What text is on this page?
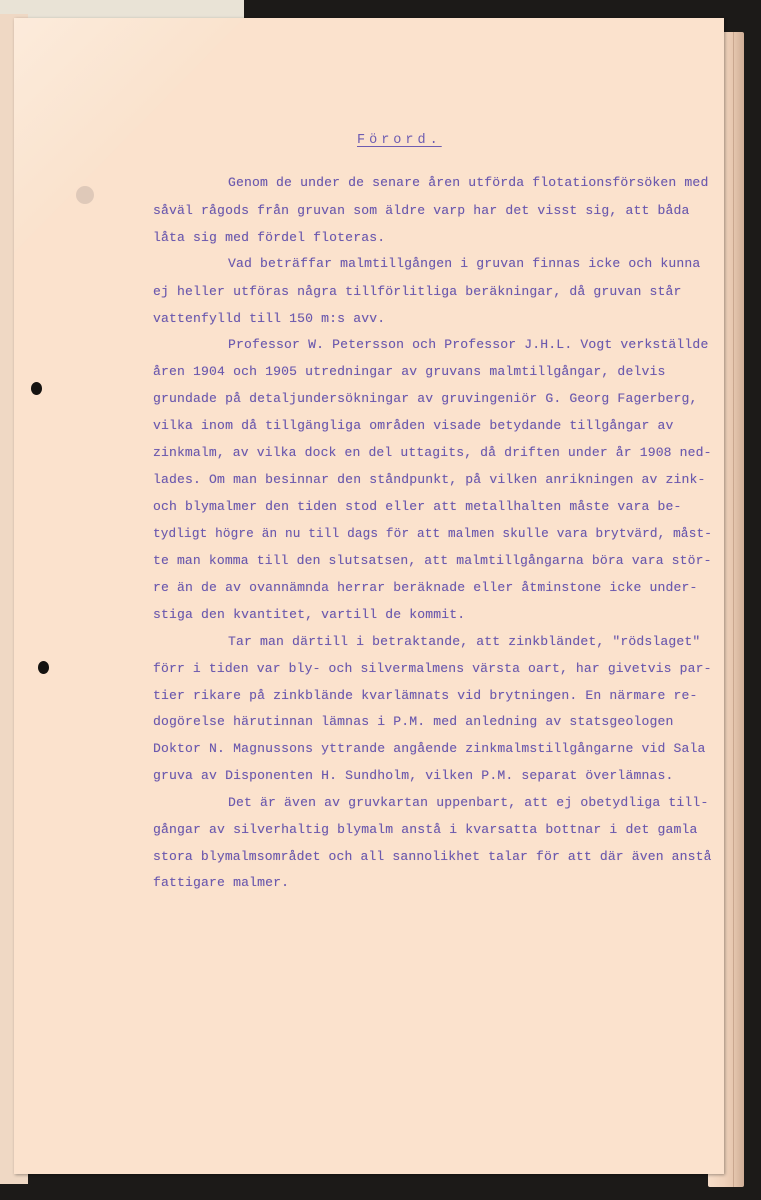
Förord.

Genom de under de senare åren utförda flotationsförsöken med

såväl rågods från gruvan som äldre varp har det visst sig, att båda

låta sig med fördel floteras.

Vad beträffar malmtillgången i gruvan finnas icke och kunna

ej heller utföras några tillförlitliga beräkningar, då gruvan står

vattenfylld till 150 m:s avv.

Professor W. Petersson och Professor J.H.L. Vogt verkställde

åren 1904 och 1905 utredningar av gruvans malmtillgångar, delvis

grundade på detaljundersökningar av gruvingeniör G. Georg Fagerberg,

vilka inom då tillgängliga områden visade betydande tillgångar av

zinkmalm, av vilka dock en del uttagits, då driften under år 1908 ned-

lades. Om man besinnar den ståndpunkt, på vilken anrikningen av zink-

och blymalmer den tiden stod eller att metallhalten måste vara be-

tydligt högre än nu till dags för att malmen skulle vara brytvärd, måst-

te man komma till den slutsatsen, att malmtillgångarna böra vara stör-

re än de av ovannämnda herrar beräknade eller åtminstone icke under-

stiga den kvantitet, vartill de kommit.

Tar man därtill i betraktande, att zinkbländet, "rödslaget"

förr i tiden var bly- och silvermalmens värsta oart, har givetvis par-

tier rikare på zinkblände kvarlämnats vid brytningen. En närmare re-

dogörelse härutinnan lämnas i P.M. med anledning av statsgeologen

Doktor N. Magnussons yttrande angående zinkmalmstillgångarne vid Sala

gruva av Disponenten H. Sundholm, vilken P.M. separat överlämnas.

Det är även av gruvkartan uppenbart, att ej obetydliga till-

gångar av silverhaltig blymalm anstå i kvarsatta bottnar i det gamla

stora blymalmsområdet och all sannolikhet talar för att där även anstå

fattigare malmer.
